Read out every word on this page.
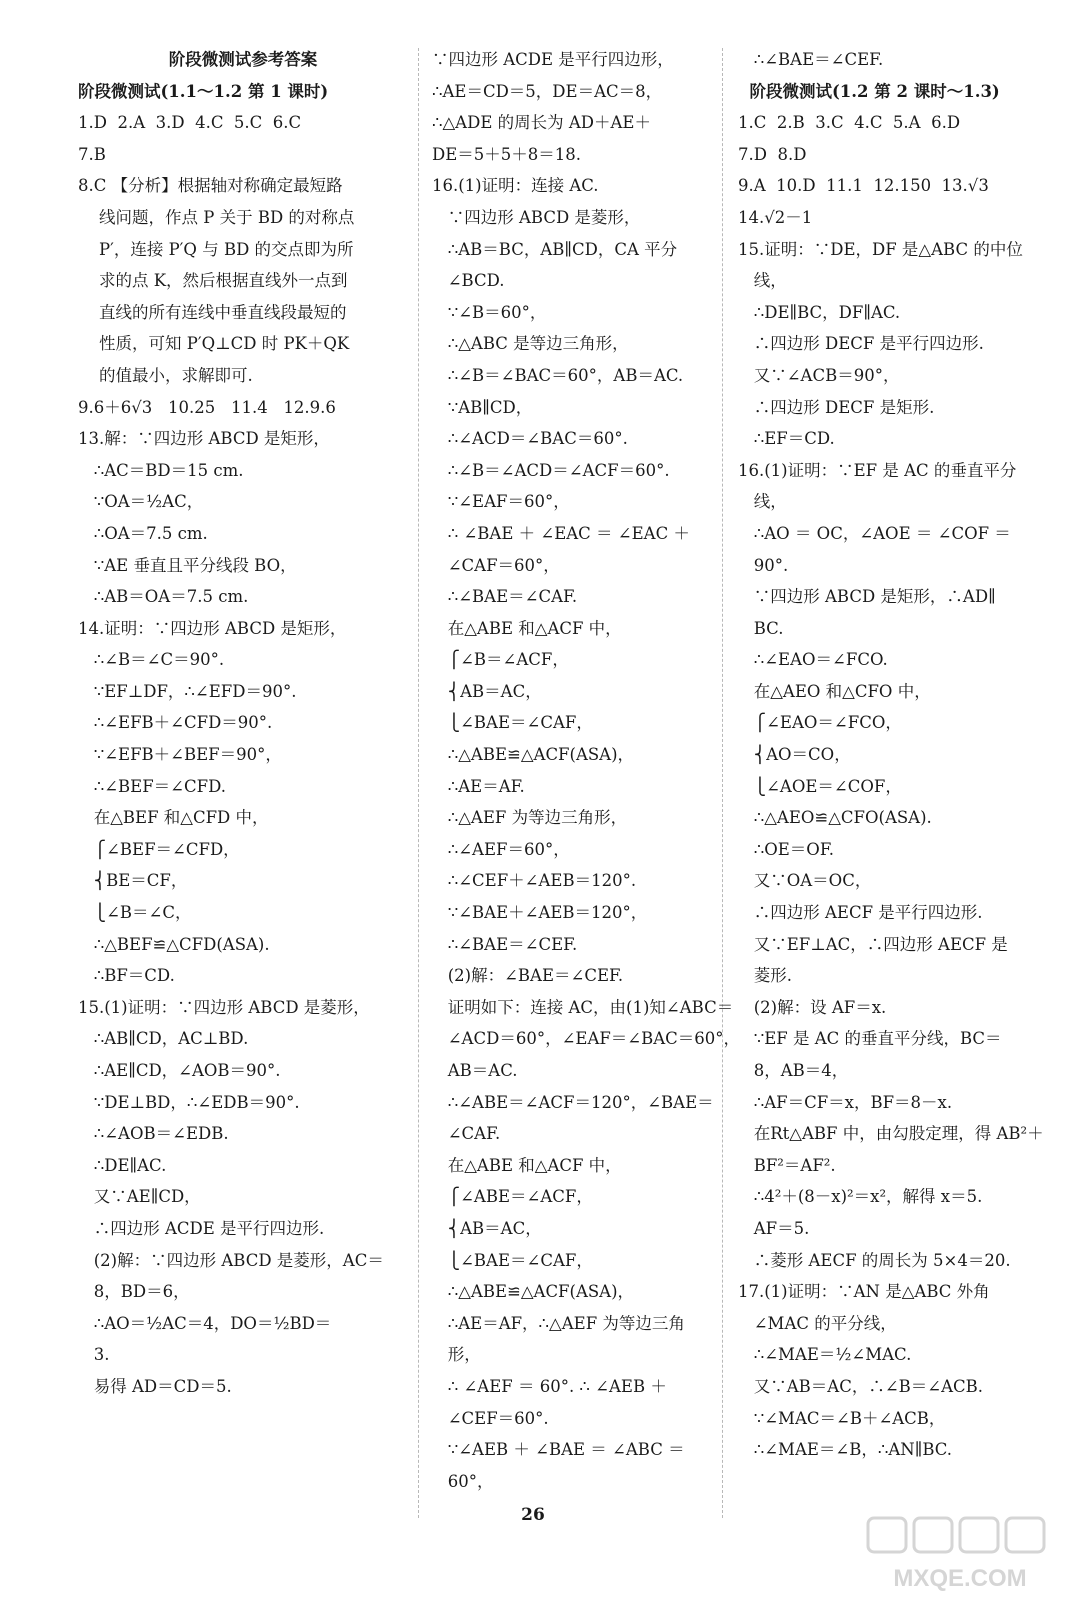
阶段微测试参考答案
阶段微测试(1.1～1.2 第 1 课时)
1.D  2.A  3.D  4.C  5.C  6.C
7.B
8.C 【分析】根据轴对称确定最短路
线问题，作点 P 关于 BD 的对称点
P′，连接 P′Q 与 BD 的交点即为所
求的点 K，然后根据直线外一点到
直线的所有连线中垂直线段最短的
性质，可知 P′Q⊥CD 时 PK＋QK
的值最小，求解即可.
9.6＋6√3   10.25   11.4   12.9.6
13.解：∵四边形 ABCD 是矩形，
∴AC＝BD＝15 cm.
∵OA＝½AC，
∴OA＝7.5 cm.
∵AE 垂直且平分线段 BO，
∴AB＝OA＝7.5 cm.
14.证明：∵四边形 ABCD 是矩形，
∴∠B＝∠C＝90°.
∵EF⊥DF，∴∠EFD＝90°.
∴∠EFB＋∠CFD＝90°.
∵∠EFB＋∠BEF＝90°，
∴∠BEF＝∠CFD.
在△BEF 和△CFD 中，
⎧∠BEF＝∠CFD，
⎨BE＝CF，
⎩∠B＝∠C，
∴△BEF≌△CFD(ASA).
∴BF＝CD.
15.(1)证明：∵四边形 ABCD 是菱形，
∴AB∥CD，AC⊥BD.
∴AE∥CD，∠AOB＝90°.
∵DE⊥BD，∴∠EDB＝90°.
∴∠AOB＝∠EDB.
∴DE∥AC.
又∵AE∥CD，
∴四边形 ACDE 是平行四边形.
(2)解：∵四边形 ABCD 是菱形，AC＝
8，BD＝6，
∴AO＝½AC＝4，DO＝½BD＝
3.
易得 AD＝CD＝5.
∵四边形 ACDE 是平行四边形，
∴AE＝CD＝5，DE＝AC＝8，
∴△ADE 的周长为 AD＋AE＋
DE＝5＋5＋8＝18.
16.(1)证明：连接 AC.
∵四边形 ABCD 是菱形，
∴AB＝BC，AB∥CD，CA 平分
∠BCD.
∵∠B＝60°，
∴△ABC 是等边三角形，
∴∠B＝∠BAC＝60°，AB＝AC.
∵AB∥CD，
∴∠ACD＝∠BAC＝60°.
∴∠B＝∠ACD＝∠ACF＝60°.
∵∠EAF＝60°，
∴ ∠BAE ＋ ∠EAC ＝ ∠EAC ＋
∠CAF＝60°，
∴∠BAE＝∠CAF.
在△ABE 和△ACF 中，
⎧∠B＝∠ACF，
⎨AB＝AC，
⎩∠BAE＝∠CAF，
∴△ABE≌△ACF(ASA)，
∴AE＝AF.
∴△AEF 为等边三角形，
∴∠AEF＝60°，
∴∠CEF＋∠AEB＝120°.
∵∠BAE＋∠AEB＝120°，
∴∠BAE＝∠CEF.
(2)解：∠BAE＝∠CEF.
证明如下：连接 AC，由(1)知∠ABC＝
∠ACD＝60°，∠EAF＝∠BAC＝60°，
AB＝AC.
∴∠ABE＝∠ACF＝120°，∠BAE＝
∠CAF.
在△ABE 和△ACF 中，
⎧∠ABE＝∠ACF，
⎨AB＝AC，
⎩∠BAE＝∠CAF，
∴△ABE≌△ACF(ASA)，
∴AE＝AF，∴△AEF 为等边三角
形，
∴ ∠AEF ＝ 60°. ∴ ∠AEB ＋
∠CEF＝60°.
∵∠AEB ＋ ∠BAE ＝ ∠ABC ＝
60°，
∴∠BAE＝∠CEF.
阶段微测试(1.2 第 2 课时～1.3)
1.C  2.B  3.C  4.C  5.A  6.D
7.D  8.D
9.A  10.D  11.1  12.150  13.√3
14.√2－1
15.证明：∵DE，DF 是△ABC 的中位
线，
∴DE∥BC，DF∥AC.
∴四边形 DECF 是平行四边形.
又∵∠ACB＝90°，
∴四边形 DECF 是矩形.
∴EF＝CD.
16.(1)证明：∵EF 是 AC 的垂直平分
线，
∴AO ＝ OC，∠AOE ＝ ∠COF ＝
90°.
∵四边形 ABCD 是矩形，∴AD∥
BC.
∴∠EAO＝∠FCO.
在△AEO 和△CFO 中，
⎧∠EAO＝∠FCO，
⎨AO＝CO，
⎩∠AOE＝∠COF，
∴△AEO≌△CFO(ASA).
∴OE＝OF.
又∵OA＝OC，
∴四边形 AECF 是平行四边形.
又∵EF⊥AC，∴四边形 AECF 是
菱形.
(2)解：设 AF＝x.
∵EF 是 AC 的垂直平分线，BC＝
8，AB＝4，
∴AF＝CF＝x，BF＝8－x.
在Rt△ABF 中，由勾股定理，得 AB²＋
BF²＝AF².
∴4²＋(8－x)²＝x²，解得 x＝5.
AF＝5.
∴菱形 AECF 的周长为 5×4＝20.
17.(1)证明：∵AN 是△ABC 外角
∠MAC 的平分线，
∴∠MAE＝½∠MAC.
又∵AB＝AC，∴∠B＝∠ACB.
∵∠MAC＝∠B＋∠ACB，
∴∠MAE＝∠B，∴AN∥BC.
26
MXQE.COM
